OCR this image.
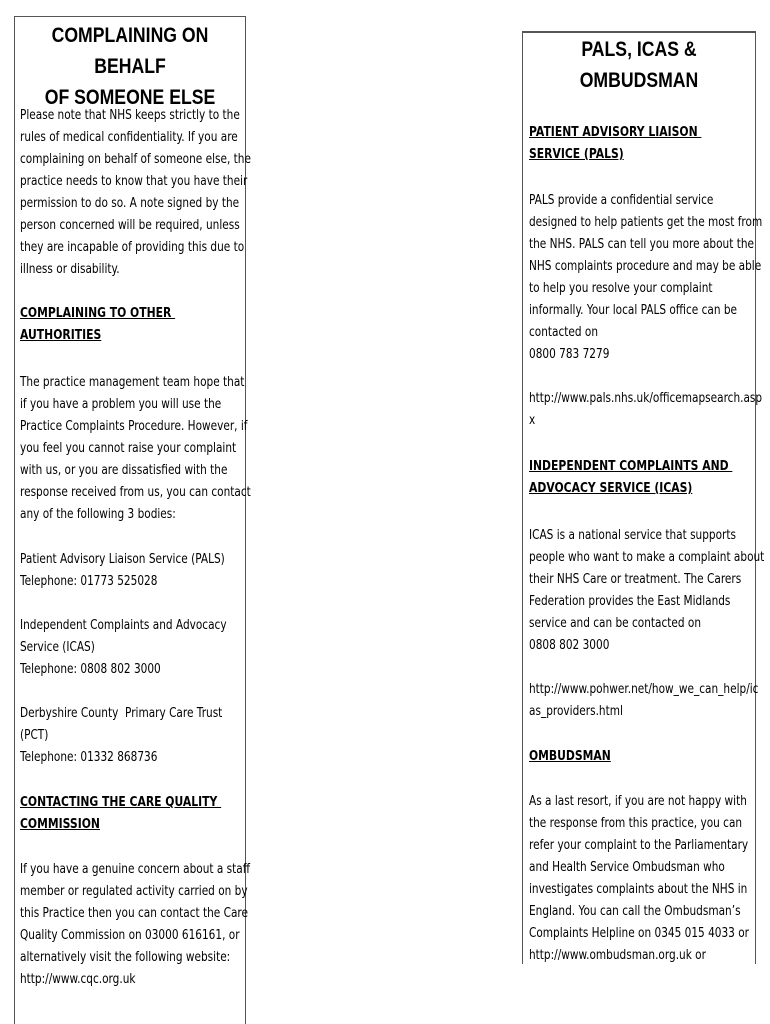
COMPLAINING ON BEHALF
OF SOMEONE ELSE

Please note that NHS keeps strictly to the
rules of medical confidentiality. If you are
complaining on behalf of someone else, the
practice needs to know that you have their
permission to do so. A note signed by the
person concerned will be required, unless
they are incapable of providing this due to
illness or disability.

COMPLAINING TO OTHER
AUTHORITIES

The practice management team hope that
if you have a problem you will use the
Practice Complaints Procedure. However, if
you feel you cannot raise your complaint
with us, or you are dissatisfied with the
response received from us, you can contact
any of the following 3 bodies:

Patient Advisory Liaison Service (PALS)
Telephone: 01773 525028

Independent Complaints and Advocacy
Service (ICAS)
Telephone: 0808 802 3000

Derbyshire County  Primary Care Trust
(PCT)
Telephone: 01332 868736

CONTACTING THE CARE QUALITY
COMMISSION

If you have a genuine concern about a staff
member or regulated activity carried on by
this Practice then you can contact the Care
Quality Commission on 03000 616161, or
alternatively visit the following website:
http://www.cqc.org.uk

PALS, ICAS &
OMBUDSMAN

PATIENT ADVISORY LIAISON
SERVICE (PALS)

PALS provide a confidential service
designed to help patients get the most from
the NHS. PALS can tell you more about the
NHS complaints procedure and may be able
to help you resolve your complaint
informally. Your local PALS office can be
contacted on
0800 783 7279

http://www.pals.nhs.uk/officemapsearch.asp
x

INDEPENDENT COMPLAINTS AND
ADVOCACY SERVICE (ICAS)

ICAS is a national service that supports
people who want to make a complaint about
their NHS Care or treatment. The Carers
Federation provides the East Midlands
service and can be contacted on
0808 802 3000

http://www.pohwer.net/how_we_can_help/ic
as_providers.html

OMBUDSMAN

As a last resort, if you are not happy with
the response from this practice, you can
refer your complaint to the Parliamentary
and Health Service Ombudsman who
investigates complaints about the NHS in
England. You can call the Ombudsman’s
Complaints Helpline on 0345 015 4033 or
http://www.ombudsman.org.uk or
